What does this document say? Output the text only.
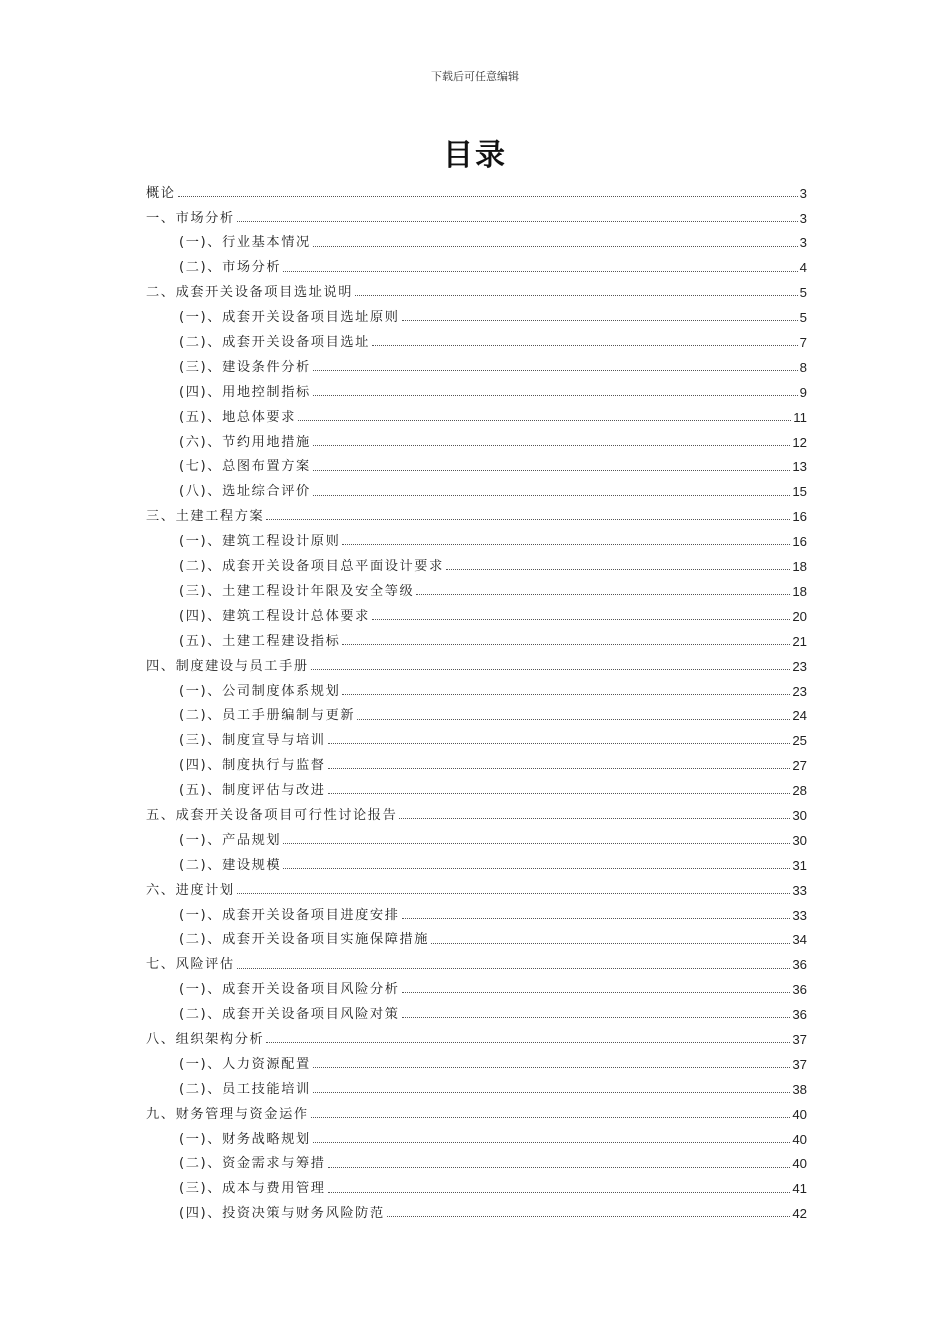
下载后可任意编辑
目录
概论	3
一、市场分析	3
(一)、行业基本情况	3
(二)、市场分析	4
二、成套开关设备项目选址说明	5
(一)、成套开关设备项目选址原则	5
(二)、成套开关设备项目选址	7
(三)、建设条件分析	8
(四)、用地控制指标	9
(五)、地总体要求	11
(六)、节约用地措施	12
(七)、总图布置方案	13
(八)、选址综合评价	15
三、土建工程方案	16
(一)、建筑工程设计原则	16
(二)、成套开关设备项目总平面设计要求	18
(三)、土建工程设计年限及安全等级	18
(四)、建筑工程设计总体要求	20
(五)、土建工程建设指标	21
四、制度建设与员工手册	23
(一)、公司制度体系规划	23
(二)、员工手册编制与更新	24
(三)、制度宣导与培训	25
(四)、制度执行与监督	27
(五)、制度评估与改进	28
五、成套开关设备项目可行性讨论报告	30
(一)、产品规划	30
(二)、建设规模	31
六、进度计划	33
(一)、成套开关设备项目进度安排	33
(二)、成套开关设备项目实施保障措施	34
七、风险评估	36
(一)、成套开关设备项目风险分析	36
(二)、成套开关设备项目风险对策	36
八、组织架构分析	37
(一)、人力资源配置	37
(二)、员工技能培训	38
九、财务管理与资金运作	40
(一)、财务战略规划	40
(二)、资金需求与筹措	40
(三)、成本与费用管理	41
(四)、投资决策与财务风险防范	42
